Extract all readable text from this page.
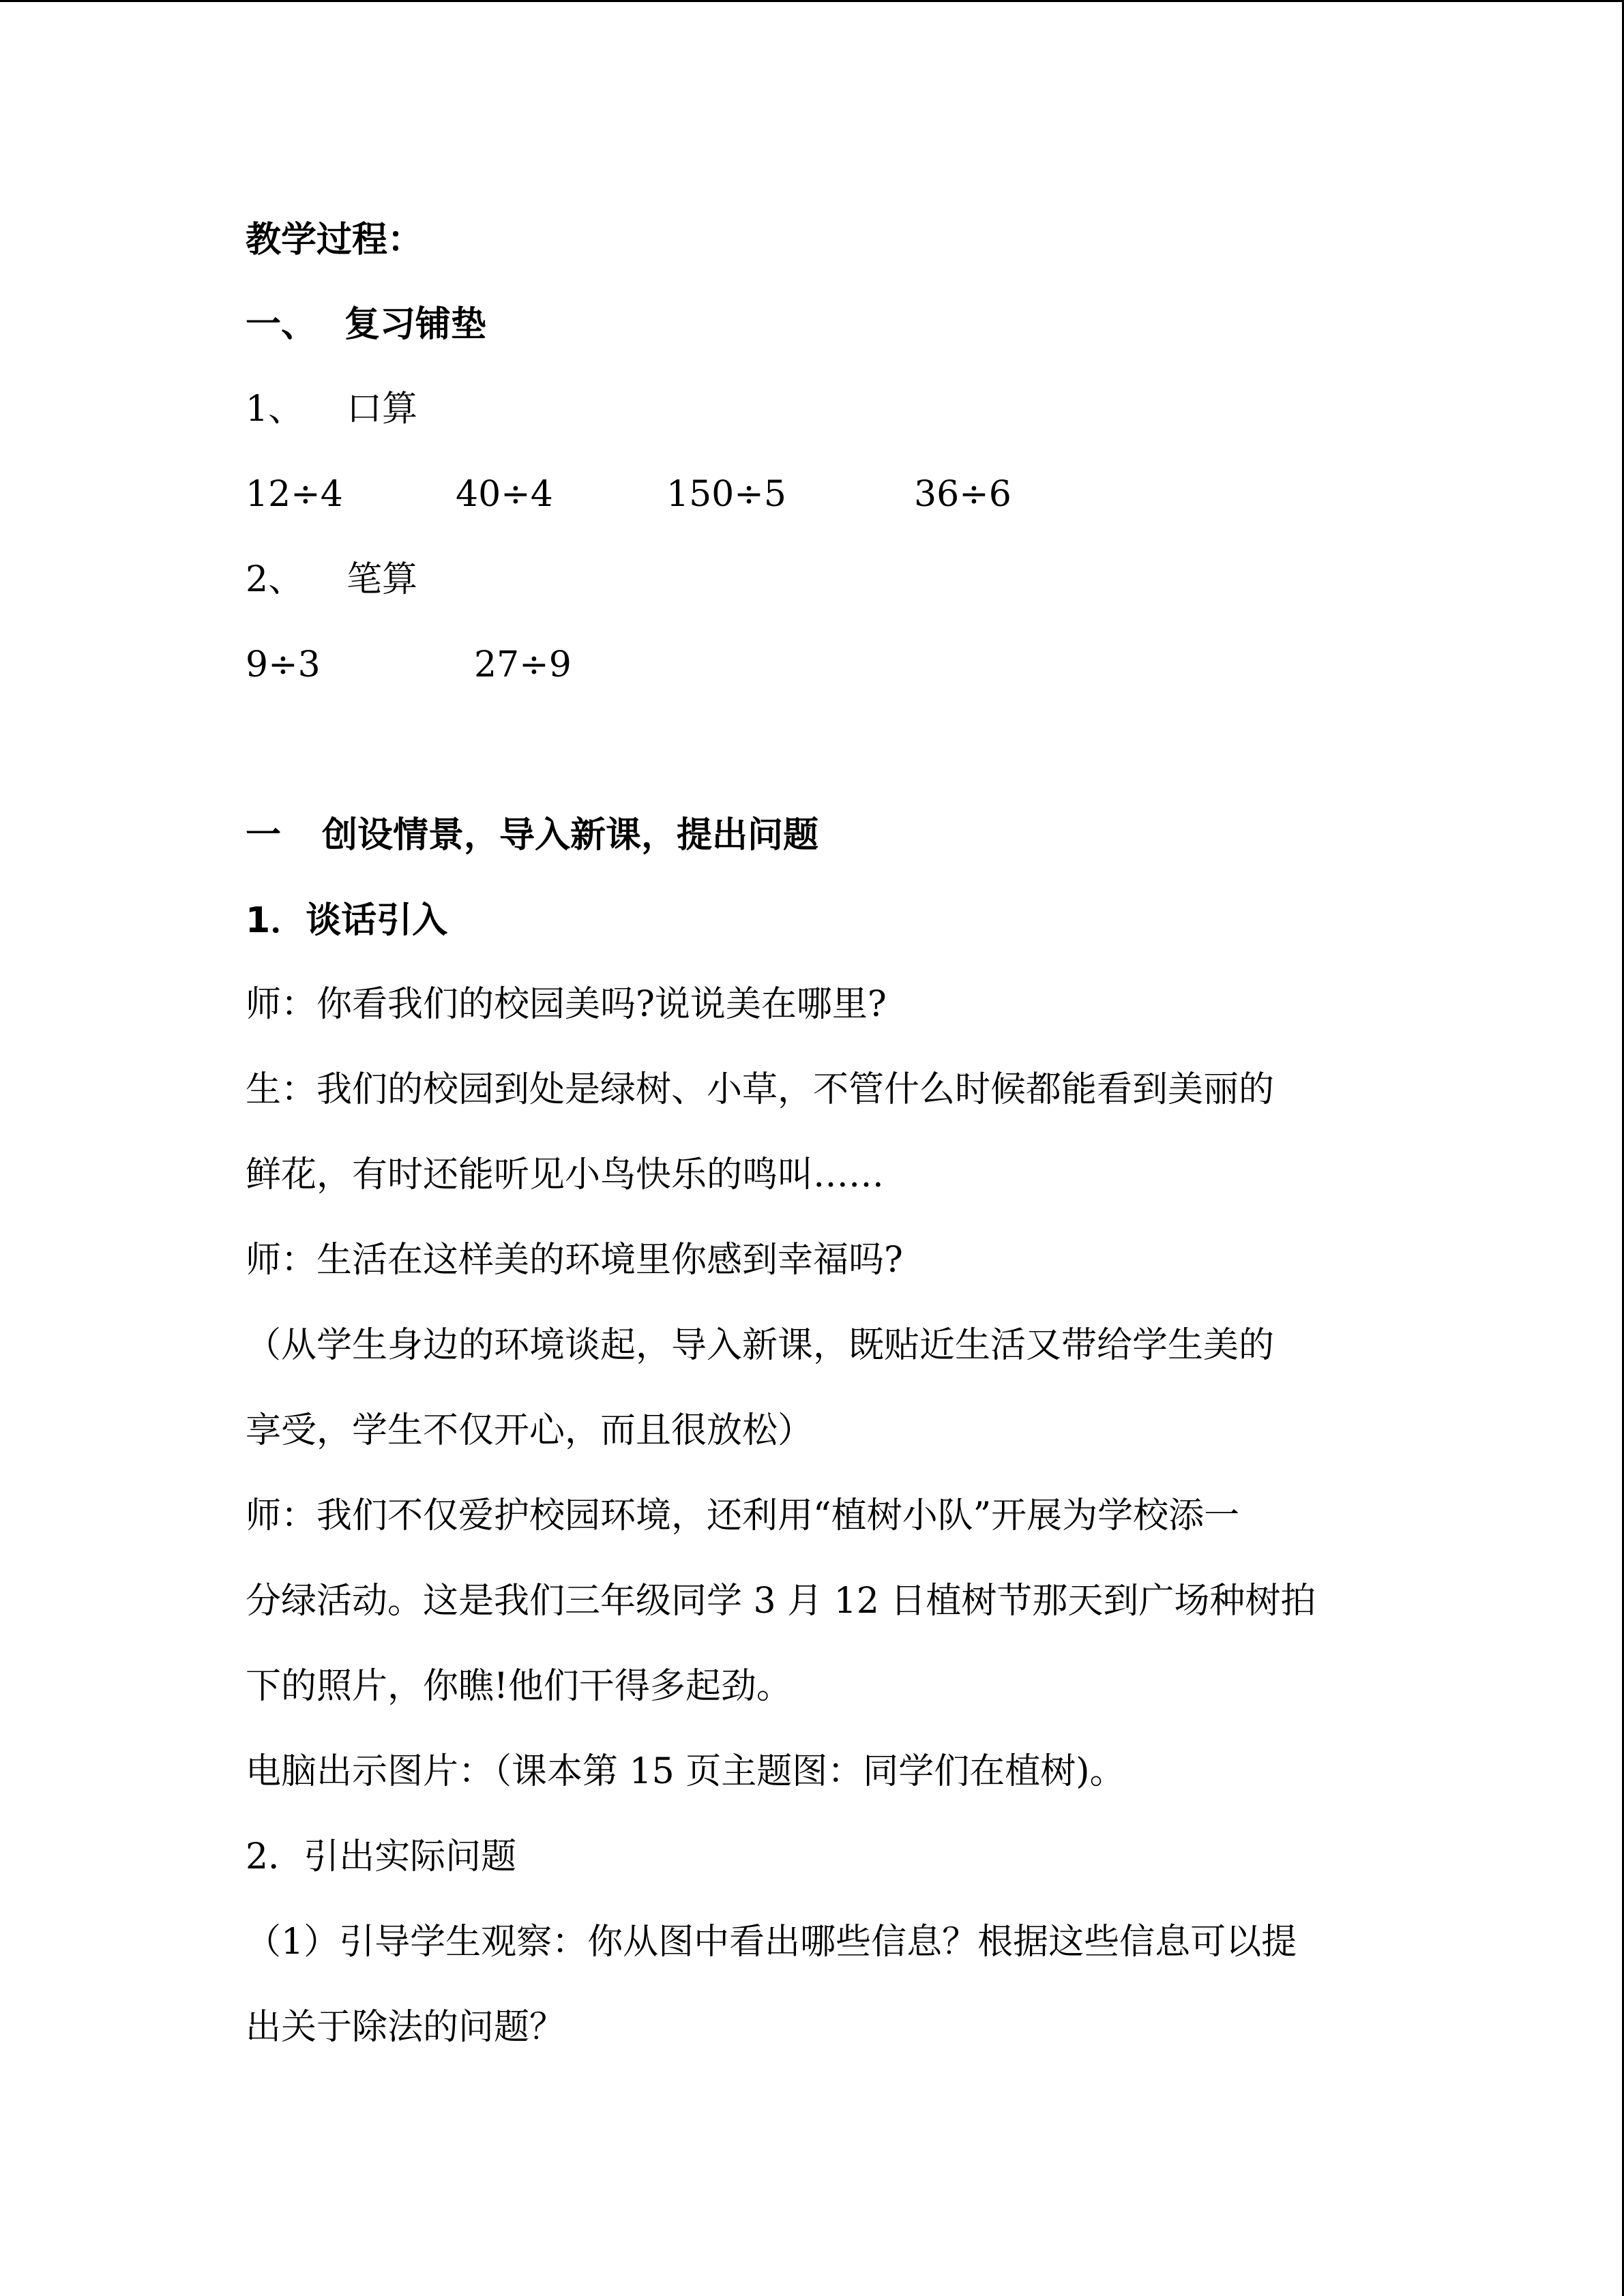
教学过程：
一、 复习铺垫
1、 口算
12÷4	40÷4	150÷5	36÷6
2、 笔算
9÷3	27÷9
一 创设情景，导入新课，提出问题
1．谈话引入
师：你看我们的校园美吗?说说美在哪里?
生：我们的校园到处是绿树、小草，不管什么时候都能看到美丽的
鲜花，有时还能听见小鸟快乐的鸣叫……
师：生活在这样美的环境里你感到幸福吗?
（从学生身边的环境谈起，导入新课，既贴近生活又带给学生美的
享受，学生不仅开心，而且很放松）
师：我们不仅爱护校园环境，还利用“植树小队”开展为学校添一
分绿活动。这是我们三年级同学 3 月 12 日植树节那天到广场种树拍
下的照片，你瞧!他们干得多起劲。
电脑出示图片：（课本第 15 页主题图：同学们在植树)。
2．引出实际问题
（1）引导学生观察：你从图中看出哪些信息？根据这些信息可以提
出关于除法的问题？
